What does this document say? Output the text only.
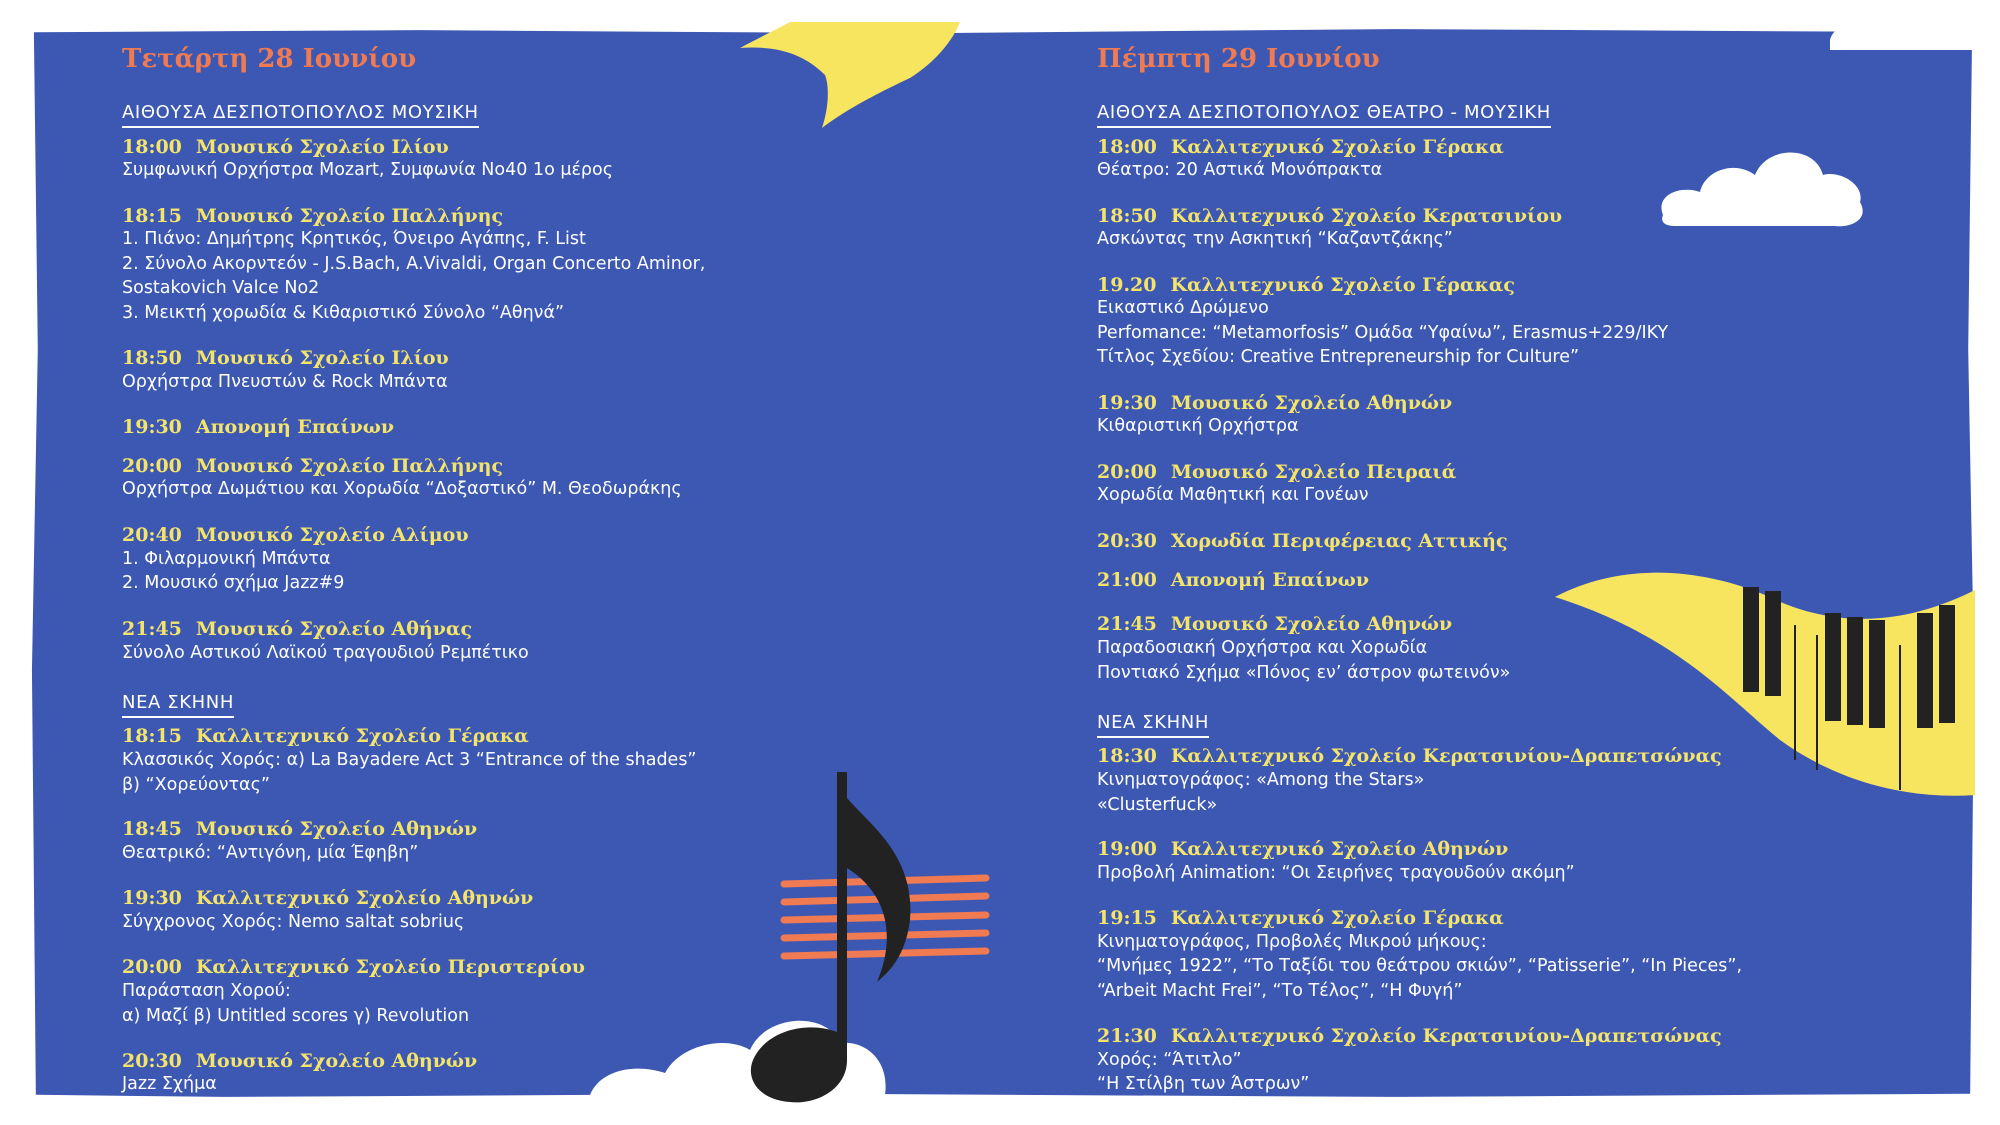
Τετάρτη 28 Ιουνίου
ΑΙΘΟΥΣΑ ΔΕΣΠΟΤΟΠΟΥΛΟΣ ΜΟΥΣΙΚΗ
18:00 Μουσικό Σχολείο Ιλίου
Συμφωνική Ορχήστρα Mozart, Συμφωνία Νο40 1ο μέρος
18:15 Μουσικό Σχολείο Παλλήνης
1. Πιάνο: Δημήτρης Κρητικός, Όνειρο Αγάπης, F. List
2. Σύνολο Ακορντεόν - J.S.Bach, A.Vivaldi, Organ Concerto Aminor,
Sostakovich Valce No2
3. Μεικτή χορωδία & Κιθαριστικό Σύνολο “Αθηνά”
18:50 Μουσικό Σχολείο Ιλίου
Ορχήστρα Πνευστών & Rock Μπάντα
19:30 Απονομή Επαίνων
20:00 Μουσικό Σχολείο Παλλήνης
Ορχήστρα Δωμάτιου και Χορωδία “Δοξαστικό” Μ. Θεοδωράκης
20:40 Μουσικό Σχολείο Αλίμου
1. Φιλαρμονική Μπάντα
2. Μουσικό σχήμα Jazz#9
21:45 Μουσικό Σχολείο Αθήνας
Σύνολο Αστικού Λαϊκού τραγουδιού Ρεμπέτικο
ΝΕΑ ΣΚΗΝΗ
18:15 Καλλιτεχνικό Σχολείο Γέρακα
Κλασσικός Χορός: α) La Bayadere Act 3 “Entrance of the shades”
β) “Χορεύοντας”
18:45 Μουσικό Σχολείο Αθηνών
Θεατρικό: “Αντιγόνη, μία Έφηβη”
19:30 Καλλιτεχνικό Σχολείο Αθηνών
Σύγχρονος Χορός: Nemo saltat sobriuς
20:00 Καλλιτεχνικό Σχολείο Περιστερίου
Παράσταση Χορού:
α) Μαζί β) Untitled scores γ) Revolution
20:30 Μουσικό Σχολείο Αθηνών
Jazz Σχήμα
Πέμπτη 29 Ιουνίου
ΑΙΘΟΥΣΑ ΔΕΣΠΟΤΟΠΟΥΛΟΣ ΘΕΑΤΡΟ - ΜΟΥΣΙΚΗ
18:00 Καλλιτεχνικό Σχολείο Γέρακα
Θέατρο: 20 Αστικά Μονόπρακτα
18:50 Καλλιτεχνικό Σχολείο Κερατσινίου
Ασκώντας την Ασκητική “Καζαντζάκης”
19.20 Καλλιτεχνικό Σχολείο Γέρακας
Εικαστικό Δρώμενο
Perfomance: “Metamorfosis” Ομάδα “Υφαίνω”, Erasmus+229/IKY
Τίτλος Σχεδίου: Creative Entrepreneurship for Culture”
19:30 Μουσικό Σχολείο Αθηνών
Κιθαριστική Ορχήστρα
20:00 Μουσικό Σχολείο Πειραιά
Χορωδία Μαθητική και Γονέων
20:30 Χορωδία Περιφέρειας Αττικής
21:00 Απονομή Επαίνων
21:45 Μουσικό Σχολείο Αθηνών
Παραδοσιακή Ορχήστρα και Χορωδία
Ποντιακό Σχήμα «Πόνος εν’ άστρον φωτεινόν»
ΝΕΑ ΣΚΗΝΗ
18:30 Καλλιτεχνικό Σχολείο Κερατσινίου-Δραπετσώνας
Κινηματογράφος: «Among the Stars»
«Clusterfuck»
19:00 Καλλιτεχνικό Σχολείο Αθηνών
Προβολή Animation: “Οι Σειρήνες τραγουδούν ακόμη”
19:15 Καλλιτεχνικό Σχολείο Γέρακα
Κινηματογράφος, Προβολές Μικρού μήκους:
“Μνήμες 1922”, “Το Ταξίδι του θεάτρου σκιών”, “Patisserie”, “In Pieces”,
“Arbeit Macht Frei”, “Το Τέλος”, “Η Φυγή”
21:30 Καλλιτεχνικό Σχολείο Κερατσινίου-Δραπετσώνας
Χορός: “Άτιτλο”
“Η Στίλβη των Άστρων”
